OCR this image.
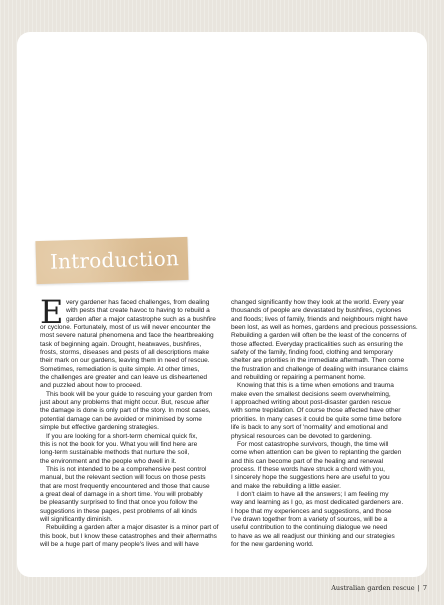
Introduction
E very gardener has faced challenges, from dealing
with pests that create havoc to having to rebuild a
garden after a major catastrophe such as a bushfire
or cyclone. Fortunately, most of us will never encounter the
most severe natural phenomena and face the heartbreaking
task of beginning again. Drought, heatwaves, bushfires,
frosts, storms, diseases and pests of all descriptions make
their mark on our gardens, leaving them in need of rescue.
Sometimes, remediation is quite simple. At other times,
the challenges are greater and can leave us disheartened
and puzzled about how to proceed.
This book will be your guide to rescuing your garden from
just about any problems that might occur. But, rescue after
the damage is done is only part of the story. In most cases,
potential damage can be avoided or minimised by some
simple but effective gardening strategies.
If you are looking for a short-term chemical quick fix,
this is not the book for you. What you will find here are
long-term sustainable methods that nurture the soil,
the environment and the people who dwell in it.
This is not intended to be a comprehensive pest control
manual, but the relevant section will focus on those pests
that are most frequently encountered and those that cause
a great deal of damage in a short time. You will probably
be pleasantly surprised to find that once you follow the
suggestions in these pages, pest problems of all kinds
will significantly diminish.
Rebuilding a garden after a major disaster is a minor part of
this book, but I know these catastrophes and their aftermaths
will be a huge part of many people's lives and will have
changed significantly how they look at the world. Every year
thousands of people are devastated by bushfires, cyclones
and floods; lives of family, friends and neighbours might have
been lost, as well as homes, gardens and precious possessions.
Rebuilding a garden will often be the least of the concerns of
those affected. Everyday practicalities such as ensuring the
safety of the family, finding food, clothing and temporary
shelter are priorities in the immediate aftermath. Then come
the frustration and challenge of dealing with insurance claims
and rebuilding or repairing a permanent home.
Knowing that this is a time when emotions and trauma
make even the smallest decisions seem overwhelming,
I approached writing about post-disaster garden rescue
with some trepidation. Of course those affected have other
priorities. In many cases it could be quite some time before
life is back to any sort of 'normality' and emotional and
physical resources can be devoted to gardening.
For most catastrophe survivors, though, the time will
come when attention can be given to replanting the garden
and this can become part of the healing and renewal
process. If these words have struck a chord with you,
I sincerely hope the suggestions here are useful to you
and make the rebuilding a little easier.
I don't claim to have all the answers; I am feeling my
way and learning as I go, as most dedicated gardeners are.
I hope that my experiences and suggestions, and those
I've drawn together from a variety of sources, will be a
useful contribution to the continuing dialogue we need
to have as we all readjust our thinking and our strategies
for the new gardening world.
Australian garden rescue | 7
